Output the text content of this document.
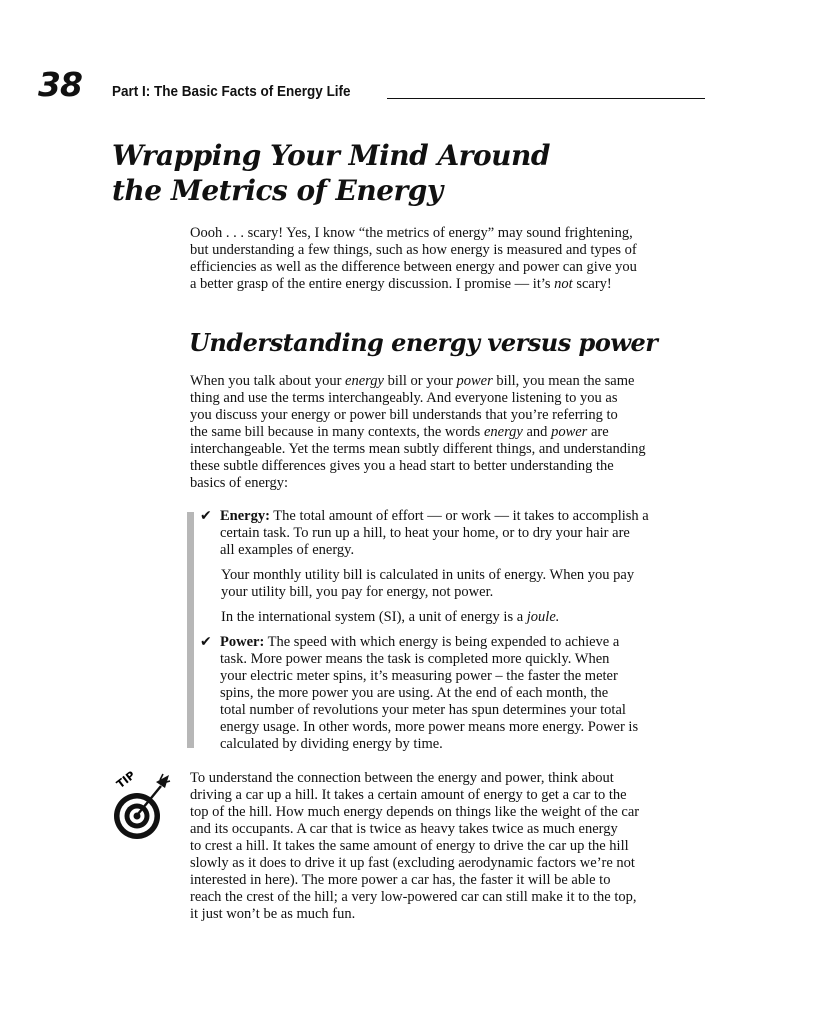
38 Part I: The Basic Facts of Energy Life
Wrapping Your Mind Around
the Metrics of Energy

Oooh . . . scary! Yes, I know “the metrics of energy” may sound frightening,

but understanding a few things, such as how energy is measured and types of

efficiencies as well as the difference between energy and power can give you

a better grasp of the entire energy discussion. I promise — it’s not scary!

Understanding energy versus power

When you talk about your energy bill or your power bill, you mean the same

thing and use the terms interchangeably. And everyone listening to you as

you discuss your energy or power bill understands that you’re referring to

the same bill because in many contexts, the words energy and power are

interchangeable. Yet the terms mean subtly different things, and understanding

these subtle differences gives you a head start to better understanding the

basics of energy:

✔ Energy: The total amount of effort — or work — it takes to accomplish a

certain task. To run up a hill, to heat your home, or to dry your hair are

all examples of energy.

Your monthly utility bill is calculated in units of energy. When you pay

your utility bill, you pay for energy, not power.

In the international system (SI), a unit of energy is a joule.

✔ Power: The speed with which energy is being expended to achieve a

task. More power means the task is completed more quickly. When

your electric meter spins, it’s measuring power – the faster the meter

spins, the more power you are using. At the end of each month, the

total number of revolutions your meter has spun determines your total

energy usage. In other words, more power means more energy. Power is

calculated by dividing energy by time.

TIP	To understand the connection between the energy and power, think about

driving a car up a hill. It takes a certain amount of energy to get a car to the

top of the hill. How much energy depends on things like the weight of the car

and its occupants. A car that is twice as heavy takes twice as much energy

to crest a hill. It takes the same amount of energy to drive the car up the hill

slowly as it does to drive it up fast (excluding aerodynamic factors we’re not

interested in here). The more power a car has, the faster it will be able to

reach the crest of the hill; a very low-powered car can still make it to the top,

it just won’t be as much fun.
